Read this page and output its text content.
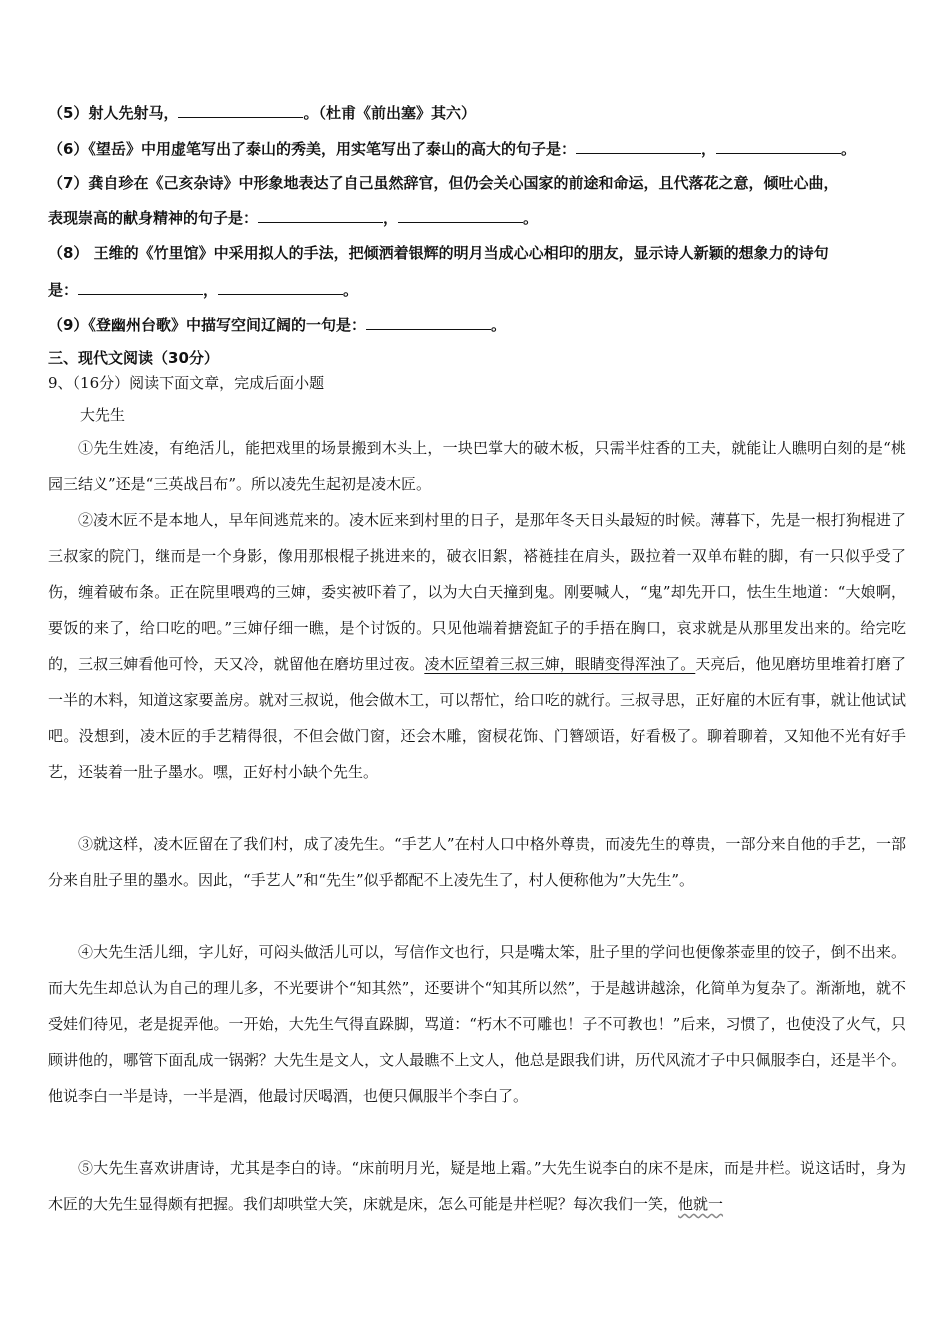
（5）射人先射马，	。（杜甫《前出塞》其六）
（6）《望岳》中用虚笔写出了泰山的秀美，用实笔写出了泰山的高大的句子是：	，	。
（7）龚自珍在《己亥杂诗》中形象地表达了自己虽然辞官，但仍会关心国家的前途和命运，且代落花之意，倾吐心曲，
表现崇高的献身精神的句子是：	，	。
（8） 王维的《竹里馆》中采用拟人的手法，把倾洒着银辉的明月当成心心相印的朋友，显示诗人新颖的想象力的诗句
是：	，	。
（9）《登幽州台歌》中描写空间辽阔的一句是：	。
三、现代文阅读（30分）
9、（16分）阅读下面文章，完成后面小题
大先生
①先生姓凌，有绝活儿，能把戏里的场景搬到木头上，一块巴掌大的破木板，只需半炷香的工夫，就能让人瞧明白刻的是“桃园三结义”还是“三英战吕布”。所以凌先生起初是凌木匠。
②凌木匠不是本地人，早年间逃荒来的。凌木匠来到村里的日子，是那年冬天日头最短的时候。薄暮下，先是一根打狗棍进了三叔家的院门，继而是一个身影，像用那根棍子挑进来的，破衣旧絮，褡裢挂在肩头，趿拉着一双单布鞋的脚，有一只似乎受了伤，缠着破布条。正在院里喂鸡的三婶，委实被吓着了，以为大白天撞到鬼。刚要喊人，“鬼”却先开口，怯生生地道：“大娘啊，要饭的来了，给口吃的吧。”三婶仔细一瞧，是个讨饭的。只见他端着搪瓷缸子的手捂在胸口，哀求就是从那里发出来的。给完吃的，三叔三婶看他可怜，天又冷，就留他在磨坊里过夜。凌木匠望着三叔三婶，眼睛变得浑浊了。天亮后，他见磨坊里堆着打磨了一半的木料，知道这家要盖房。就对三叔说，他会做木工，可以帮忙，给口吃的就行。三叔寻思，正好雇的木匠有事，就让他试试吧。没想到，凌木匠的手艺精得很，不但会做门窗，还会木雕，窗棂花饰、门簪颂语，好看极了。聊着聊着，又知他不光有好手艺，还装着一肚子墨水。嘿，正好村小缺个先生。
③就这样，凌木匠留在了我们村，成了凌先生。“手艺人”在村人口中格外尊贵，而凌先生的尊贵，一部分来自他的手艺，一部分来自肚子里的墨水。因此，“手艺人”和“先生”似乎都配不上凌先生了，村人便称他为”大先生”。
④大先生活儿细，字儿好，可闷头做活儿可以，写信作文也行，只是嘴太笨，肚子里的学问也便像茶壶里的饺子，倒不出来。而大先生却总认为自己的理儿多，不光要讲个“知其然”，还要讲个“知其所以然”，于是越讲越涂，化简单为复杂了。渐渐地，就不受娃们待见，老是捉弄他。一开始，大先生气得直跺脚，骂道：“朽木不可雕也！子不可教也！”后来，习惯了，也使没了火气，只顾讲他的，哪管下面乱成一锅粥？大先生是文人，文人最瞧不上文人，他总是跟我们讲，历代风流才子中只佩服李白，还是半个。他说李白一半是诗，一半是酒，他最讨厌喝酒，也便只佩服半个李白了。
⑤大先生喜欢讲唐诗，尤其是李白的诗。“床前明月光，疑是地上霜。”大先生说李白的床不是床，而是井栏。说这话时，身为木匠的大先生显得颇有把握。我们却哄堂大笑，床就是床，怎么可能是井栏呢？每次我们一笑，他就一
